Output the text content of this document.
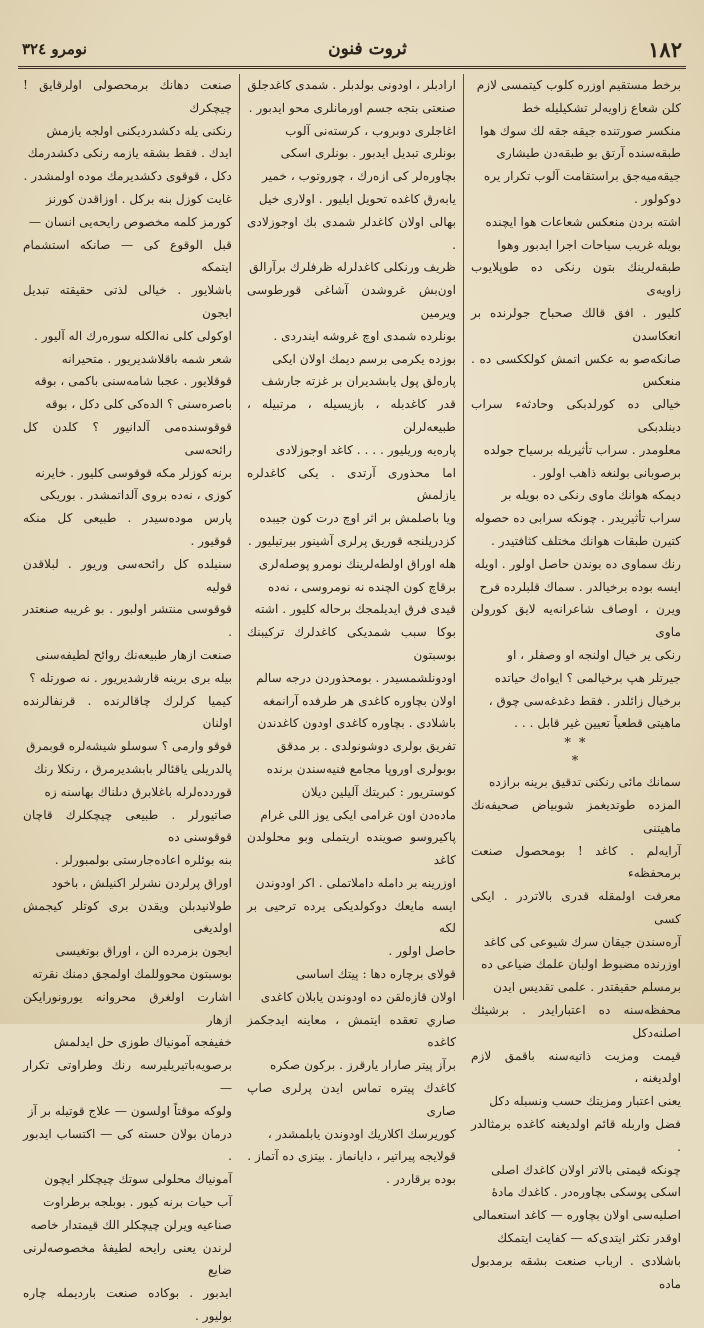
١٨٢
ثروت فنون
نومرو ٣٢٤

برخط مستقيم اوزره كلوب كيتمسى لازم
كلن شعاع زاويه‌لر تشكيليله خط
منكسر صورتنده جيقه جقه لك سوك هوا
طبقه‌سنده آرتق بو طبقه‌دن طيشارى
جيقه‌ميه‌جق براستقامت آلوب تكرار يره
دوكولور .

اشته بردن منعكس شعاعات هوا ايچنده
بويله غريب سياحات اجرا ايدبور وهوا
طبقه‌لرينك بتون رنكى ده طوپلايوب زاويه‌ى
كليور . افق قالك صحباح جولرنده بر انعكاسدن
صانكه‌صو به عكس اتمش كولككسى ده . منعكس
خيالى ده كورلدبكى وحادثه‌ء سراب دينلدبكى
معلومدر . سراب تأثيريله برسياح جولده
برصوبانى بولنغه ذاهب اولور .

ديمكه هوانك ماوى رنكى ده بويله‌ بر
سراب تأثيريدر . چونكه سرابى ده حصوله
كتيرن طبقات هوانك مختلف كثافتيدر .
رنك سماوى ده بوندن حاصل اولور . اويله
ايسه بوده برخيالدر . سماك قلبلرده فرح
ويرن ، اوصاف شاعرانه‌يه لايق كورولن ماوى
رنكى ير خيال اولنجه او وصفلر ، او
جيرتلر هپ برخيالمى ؟ ايواه‌ك حياتده
برخيال زائلدر . فقط دغدغه‌سى چوق ،
ماهيتى قطعياً تعيين غير قابل . . .

* *
*

سمانك مائى رنكنى تدقيق برينه برازده
المزده طوتديغمز شوبياض صحيفه‌نك ماهيتنى
آرايه‌لم . كاغد ! بومحصول صنعت برمحفظه‌ء
معرفت اولمقله قدرى بالاتردر . ايكى كسى
آره‌سندن جيقان سرك شيوعى كى كاغد
اوزرنده مضبوط اولبان علمك ضياعى ده
برمسلم حقيقتدر . علمى تقديس ايدن
محفظه‌سنه ده اعتبارايدر . برشيئك اصلنه‌دكل
قيمت ومزيت ذاتيه‌سنه باقمق لازم اولديغنه ،
يعنى اعتبار ومزيتك حسب ونسبله دكل
فضل واربله قائم اولديغنه كاغده برمثالدر .
چونكه قيمتى بالاتر اولان كاغدك اصلى
اسكى پوسكى بچاوره‌در . كاغدك مادۀ
اصليه‌سى اولان بچاوره — كاغد استعمالى
اوقدر تكثر ايتدى‌كه — كفايت ايتمكك
باشلادى . ارباب صنعت بشقه برمدبول ماده

ارادبلر ، اودونى بولدبلر . شمدى كاغدجلق
صنعتى بتجه جسم اورمانلرى محو ايدبور .
اغاجلرى دوبروب ، كرسته‌نى آلوب
بونلرى تبديل ايدبور . بونلرى اسكى
بچاوره‌لر كى ازه‌رك ، چوروتوب ، خمير
يابه‌رق كاغده تحويل ايليور . اولارى خيل
بهالى اولان كاغدلر شمدى بك اوجوزلادى .
ظريف ورنكلى كاغدلرله ظرفلرك برآرالق
اون‌بش غروشدن آشاغى قورطوسى ويرمين
بونلرده شمدى اوچ غروشه ايندردى .
بوزده يكرمى برسم ديمك اولان ايكى
پاره‌لق پول يابشديران بر غزته جارشف
قدر كاغدبله ، بازيسيله ، مرتبيله ، طبيعه‌لرلن
پاره‌يه وريليور . . . . كاغد اوجوزلادى
اما محذورى آرتدى . يكى كاغدلره يازلمش
ويا باصلمش بر اثر اوچ درت كون جيبده
كزدريلنجه قوريق پرلرى آشينور بيرتيليور .
هله اوراق اولطه‌لرينك نومرو پوصله‌لرى
برقاچ كون الچنده نه نومروسى ، نه‌ده
قيدى فرق ايديلمجك برحاله كليور . اشته
بوكا سبب شمديكى كاغدلرك تركيبنك بوسبتون
اودونلشمسيدر . بومحذوردن درجه سالم
اولان بچاوره كاغدى هر طرفده آرانمغه
باشلادى . بچاوره كاغدى اودون كاغدندن
تفريق بولرى دوشونولدى . بر مدقق
بوبولرى اوروپا مجامع فنيه‌سندن برنده
كوستريور : كبريتك آليلين ديلان
ماده‌دن اون غرامى ايكى يوز اللى غرام
پاكيروسو صوينده اريتملى وبو محلولدن كاغد
اوزرينه بر دامله داملاتملى . اكر اودوندن
ايسه مايعك دوكولديكى يرده ترحيى بر لكه
حاصل اولور .

قولاى برچاره دها : پيتك اساسى
اولان قازه‌لقن ده اودوندن يابلان كاغدى
صاري تعقده ايتمش ، معاينه ايدجكمز كاغده
برآز پيتر صارار يارقرز . بركون صكره
كاغدك پيتره تماس ايدن پرلرى صاپ صارى
كوريرسك اكلاريك اودوندن يابلمشدر ،
قولايجه پيراتير ، دايانماز . بيتزى ده آتماز .
بوده برقاردر .

صنعت دهانك برمحصولى اولرقايق ! چيچكرك
رنكنى يله دكشدرديكنى اولجه يازمش
ايدك . فقط بشقه يازمه رنكى دكشدرمك
دكل ، قوقوى دكشديرمك موده اولمشدر .
غايت كوزل بنه بركل . اوزاقدن كورنز
كورمز كلمه مخصوص رايحه‌يى انسان —
قبل الوقوع كى — صانكه استشمام ايتمكه
باشلايور . خيالى لذتى حقيقته تبديل ايجون
اوكولى كلى نه‌الكله سوره‌رك اله آليور .
شعر شمه باقلاشديريور . متحيرانه
قوقلايور . عجبا شامه‌سنى باكمى ، بوقه
باصره‌سنى ؟ الده‌كى كلى دكل ، بوقه
قوقوسنده‌مى آلدانيور ؟ كلدن كل رائحه‌سى
برنه كوزلر مكه قوقوسى كليور . خايرنه
كوزى ، نه‌ده بروى آلداتمشدر . بوريكى
پارس موده‌سيدر . طبيعى كل منكه قوقيور .
سنبلده كل رائحه‌سى وريور . لبلاقدن قوليه
قوقوسى منتشر اولبور . بو غريبه صنعتدر .
صنعت ازهار طبيعه‌نك روائح لطيفه‌سنى
بيله برى برينه قارشديريور . نه صورتله ؟
كيميا كرلرك چاقالرنده . قرنفالرنده اولنان
قوقو وارمى ؟ سوسلو شيشه‌لره قوبمرق
پالدريلى ياقئالر بابشديرمرق ، رنكلا رنك
قوردده‌لرله باغلابرق دىلناك بهاسنه زه
صاتيورلر . طبيعى چيچكلرك قاچان قوقوسنى ده
بنه بوئلره اعاده‌جارستى بولمبورلر .

اوراق پرلردن نشرلر اكنيلش ، باخود
طولانيدبلن ويقدن برى كوتلر كيجمش اولديغى
ايجون بزمرده الن ، اوراق بوتغيسى
بوسبتون محووللمك اولمجق دمنك نقرته
اشارت اولغرق محروانه يورونورايكن ازهار
خفيفجه آمونياك طوزى حل ايدلمش
برصويه‌باتيريليرسه رنك وطراوتى تكرار —
ولوكه موقتاً اولسون — علاج قوتيله بر آز
درمان بولان حسته كى — اكتساب ايدبور .
آمونياك محلولى سوتك چيچكلر ايچون
آب حيات برنه كيور . بوبلجه برطراوت
صناعيه ويرلن چيچكلر الك قيمتدار خاصه
لرندن يعنى رايحه لطيفهٔ مخصوصه‌لرنى ضايع
ايدبور . بوكاده صنعت بارديمله چاره بوليور .
